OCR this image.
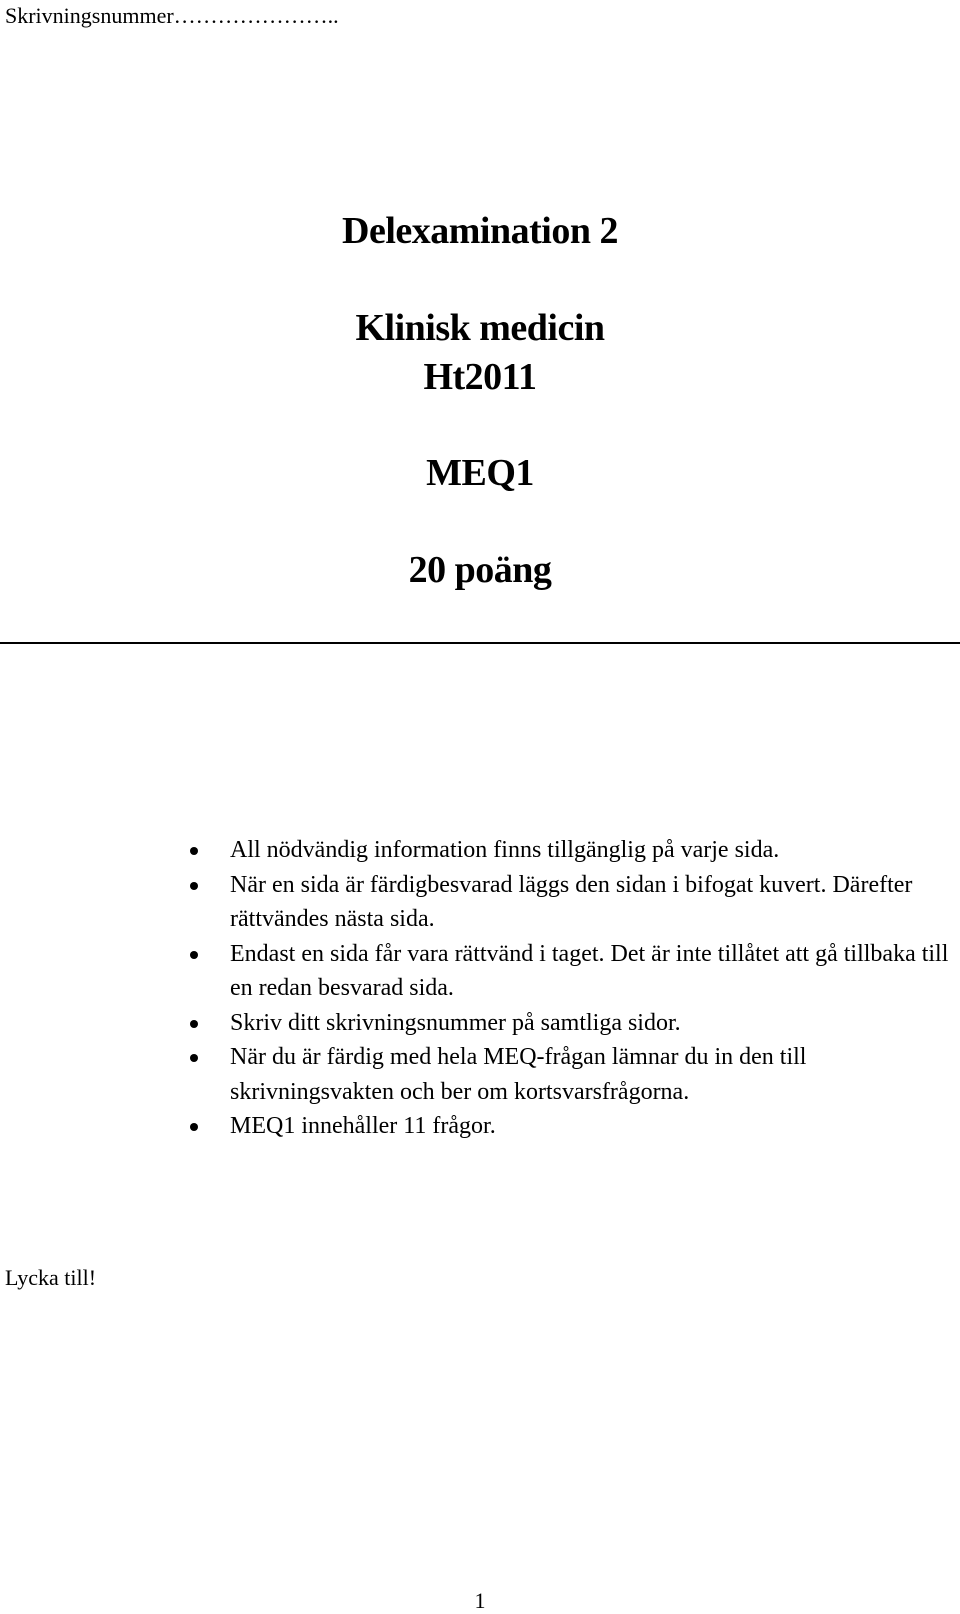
Skrivningsnummer…………………..
Delexamination 2
Klinisk medicin
Ht2011
MEQ1
20 poäng
All nödvändig information finns tillgänglig på varje sida.
När en sida är färdigbesvarad läggs den sidan i bifogat kuvert. Därefter rättvändes nästa sida.
Endast en sida får vara rättvänd i taget. Det är inte tillåtet att gå tillbaka till en redan besvarad sida.
Skriv ditt skrivningsnummer på samtliga sidor.
När du är färdig med hela MEQ-frågan lämnar du in den till skrivningsvakten och ber om kortsvarsfrågorna.
MEQ1 innehåller 11 frågor.
Lycka till!
1
